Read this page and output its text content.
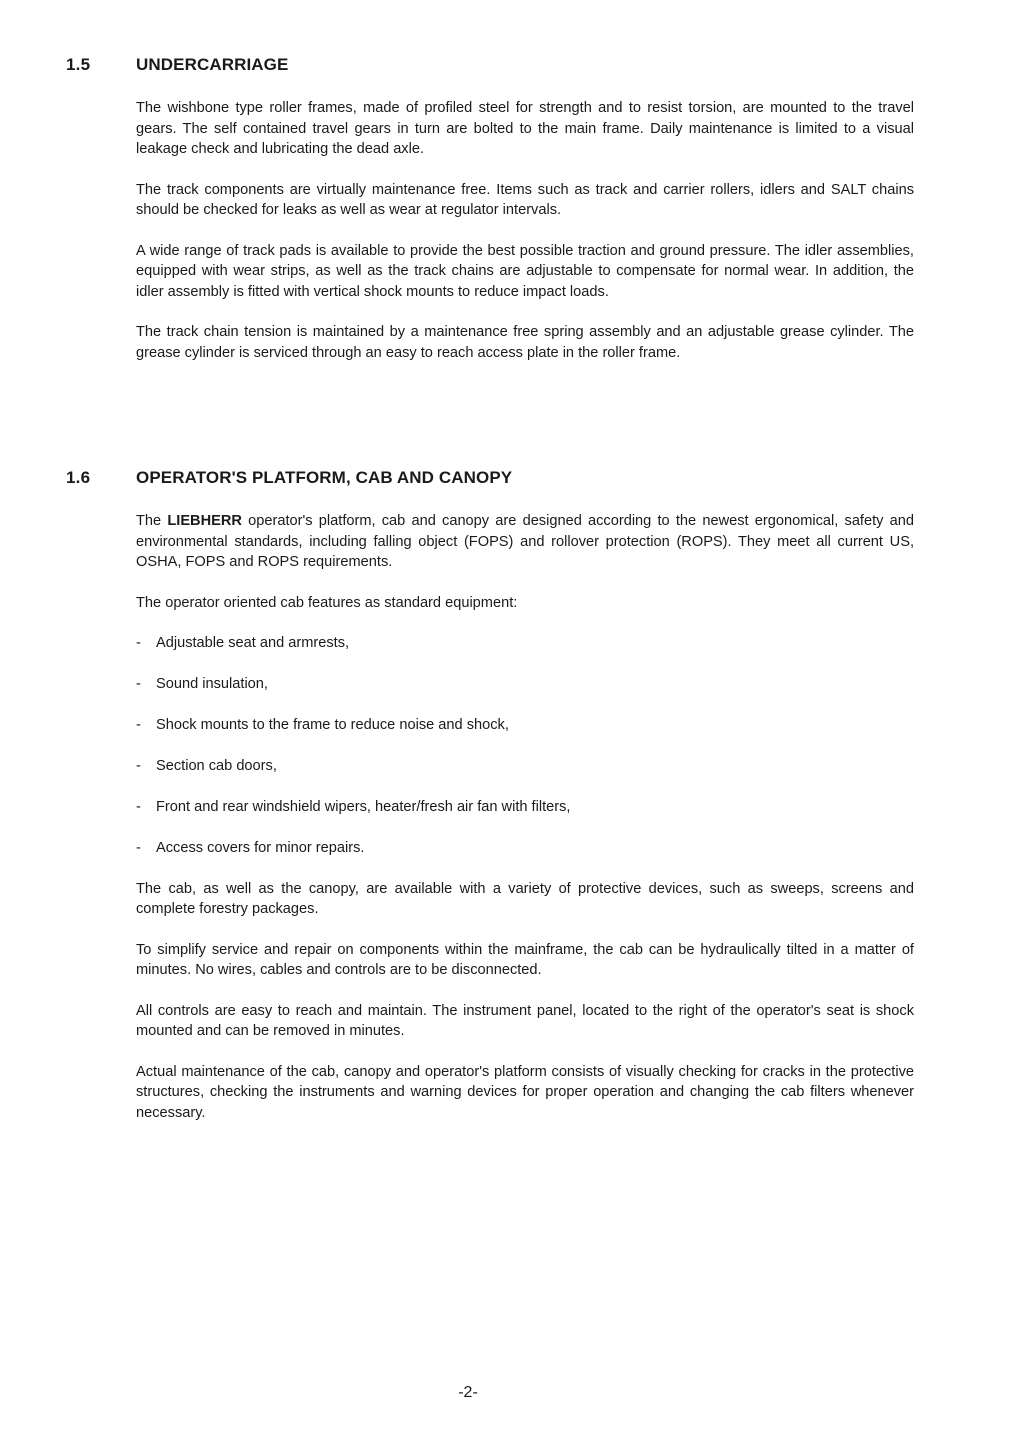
1.5	UNDERCARRIAGE

The wishbone type roller frames, made of profiled steel for strength and to resist torsion, are mounted to the travel gears. The self contained travel gears in turn are bolted to the main frame. Daily maintenance is limited to a visual leakage check and lubricating the dead axle.

The track components are virtually maintenance free. Items such as track and carrier rollers, idlers and SALT chains should be checked for leaks as well as wear at regulator intervals.

A wide range of track pads is available to provide the best possible traction and ground pressure. The idler assemblies, equipped with wear strips, as well as the track chains are adjustable to compensate for normal wear. In addition, the idler assembly is fitted with vertical shock mounts to reduce impact loads.

The track chain tension is maintained by a maintenance free spring assembly and an adjustable grease cylinder. The grease cylinder is serviced through an easy to reach access plate in the roller frame.

1.6	OPERATOR'S PLATFORM, CAB AND CANOPY

The LIEBHERR operator's platform, cab and canopy are designed according to the newest ergonomical, safety and environmental standards, including falling object (FOPS) and rollover protection (ROPS). They meet all current US, OSHA, FOPS and ROPS requirements.

The operator oriented cab features as standard equipment:

- Adjustable seat and armrests,

- Sound insulation,

- Shock mounts to the frame to reduce noise and shock,

- Section cab doors,

- Front and rear windshield wipers, heater/fresh air fan with filters,

- Access covers for minor repairs.

The cab, as well as the canopy, are available with a variety of protective devices, such as sweeps, screens and complete forestry packages.

To simplify service and repair on components within the mainframe, the cab can be hydraulically tilted in a matter of minutes. No wires, cables and controls are to be disconnected.

All controls are easy to reach and maintain. The instrument panel, located to the right of the operator's seat is shock mounted and can be removed in minutes.

Actual maintenance of the cab, canopy and operator's platform consists of visually checking for cracks in the protective structures, checking the instruments and warning devices for proper operation and changing the cab filters whenever necessary.

-2-
